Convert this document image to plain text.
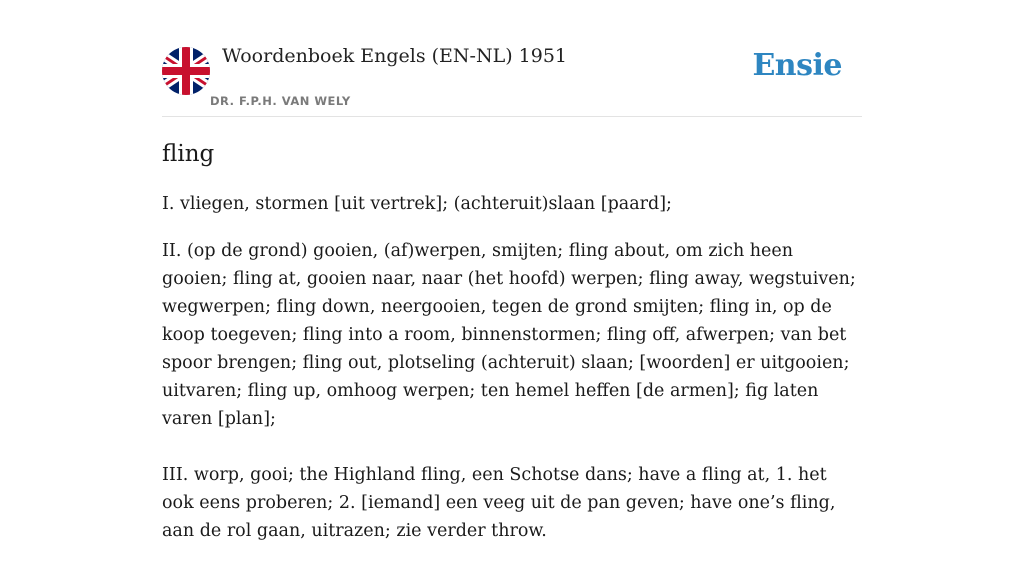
Woordenboek Engels (EN-NL) 1951
DR. F.P.H. VAN WELY
Ensie
fling

I. vliegen, stormen [uit vertrek]; (achteruit)slaan [paard];

II. (op de grond) gooien, (af)werpen, smijten; fling about, om zich heen gooien; fling at, gooien naar, naar (het hoofd) werpen; fling away, wegstuiven; wegwerpen; fling down, neergooien, tegen de grond smijten; fling in, op de koop toegeven; fling into a room, binnenstormen; fling off, afwerpen; van bet spoor brengen; fling out, plotseling (achteruit) slaan; [woorden] er uitgooien; uitvaren; fling up, omhoog werpen; ten hemel heffen [de armen]; fig laten varen [plan];

III. worp, gooi; the Highland fling, een Schotse dans; have a fling at, 1. het ook eens proberen; 2. [iemand] een veeg uit de pan geven; have one’s fling, aan de rol gaan, uitrazen; zie verder throw.
